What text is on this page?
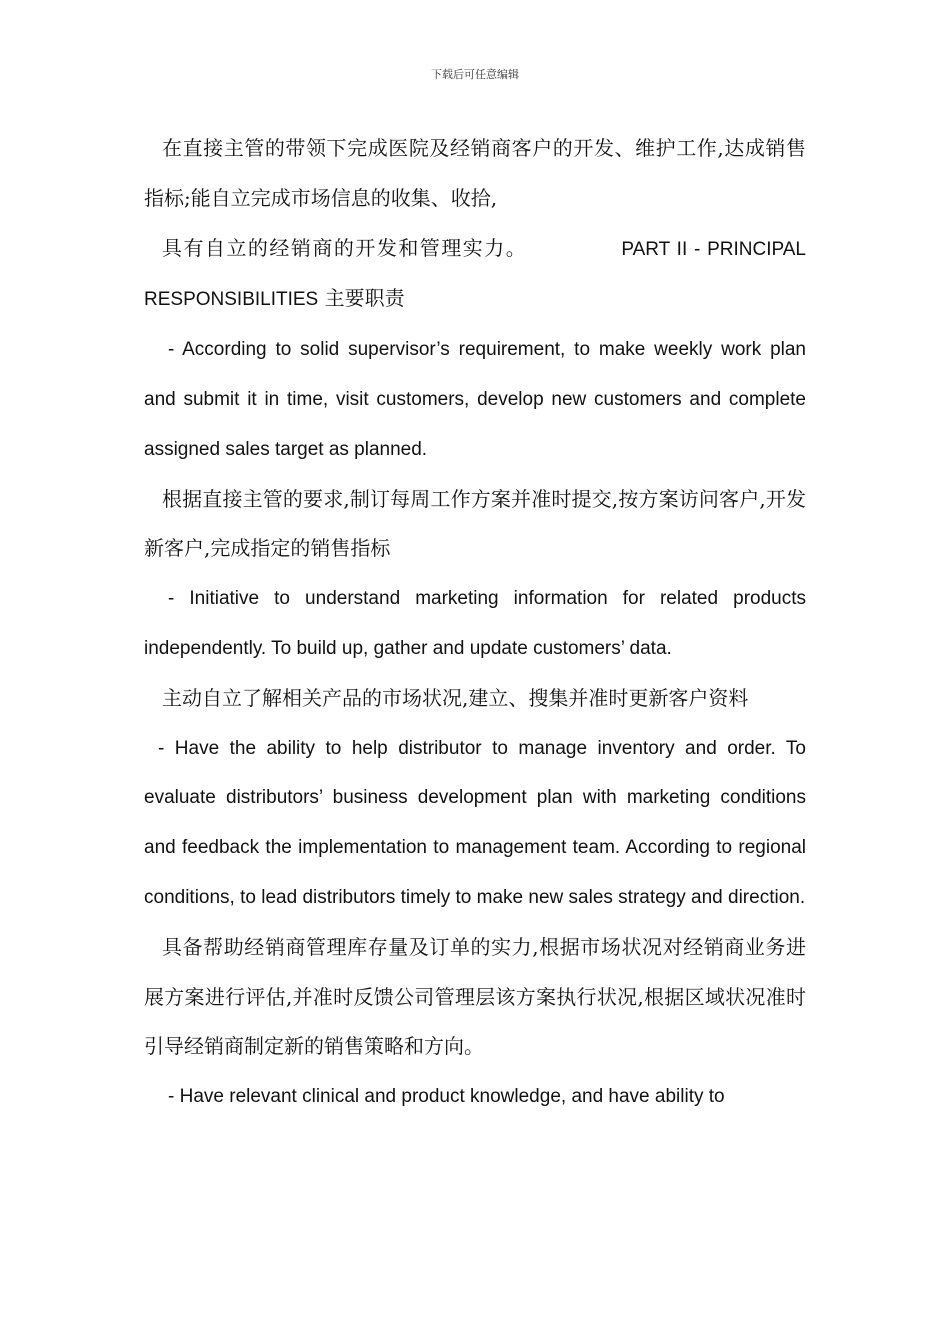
下载后可任意编辑

在直接主管的带领下完成医院及经销商客户的开发、维护工作,达成销售指标;能自立完成市场信息的收集、收拾,

具有自立的经销商的开发和管理实力。	PART II - PRINCIPAL RESPONSIBILITIES 主要职责

- According to solid supervisor’s requirement, to make weekly work plan and submit it in time, visit customers, develop new customers and complete assigned sales target as planned.

根据直接主管的要求,制订每周工作方案并准时提交,按方案访问客户,开发新客户,完成指定的销售指标

- Initiative to understand marketing information for related products independently. To build up, gather and update customers’ data.

主动自立了解相关产品的市场状况,建立、搜集并准时更新客户资料

- Have the ability to help distributor to manage inventory and order. To evaluate distributors’ business development plan with marketing conditions and feedback the implementation to management team. According to regional conditions, to lead distributors timely to make new sales strategy and direction.

具备帮助经销商管理库存量及订单的实力,根据市场状况对经销商业务进展方案进行评估,并准时反馈公司管理层该方案执行状况,根据区域状况准时引导经销商制定新的销售策略和方向。

- Have relevant clinical and product knowledge, and have ability to
